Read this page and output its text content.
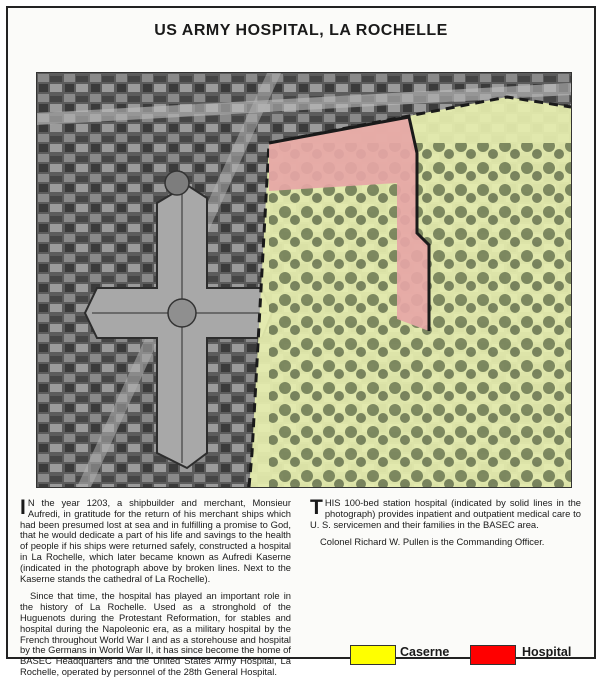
US ARMY HOSPITAL, LA ROCHELLE

I N the year 1203, a shipbuilder and merchant, Monsieur Aufredi, in gratitude for the return of his merchant ships which had been presumed lost at sea and in fulfilling a promise to God, that he would dedicate a part of his life and savings to the health of people if his ships were returned safely, constructed a hospital in La Rochelle, which later became known as Aufredi Kaserne (indicated in the photograph above by broken lines. Next to the Kaserne stands the cathedral of La Rochelle).

Since that time, the hospital has played an important role in the history of La Rochelle. Used as a stronghold of the Huguenots during the Protestant Reformation, for stables and hospital during the Napoleonic era, as a military hospital by the French throughout World War I and as a storehouse and hospital by the Germans in World War II, it has since become the home of BASEC Headquarters and the United States Army Hospital, La Rochelle, operated by personnel of the 28th General Hospital.

THIS 100-bed station hospital (indicated by solid lines in the photograph) provides inpatient and outpatient medical care to U. S. servicemen and their families in the BASEC area.

Colonel Richard W. Pullen is the Commanding Officer.

Caserne	Hospital
